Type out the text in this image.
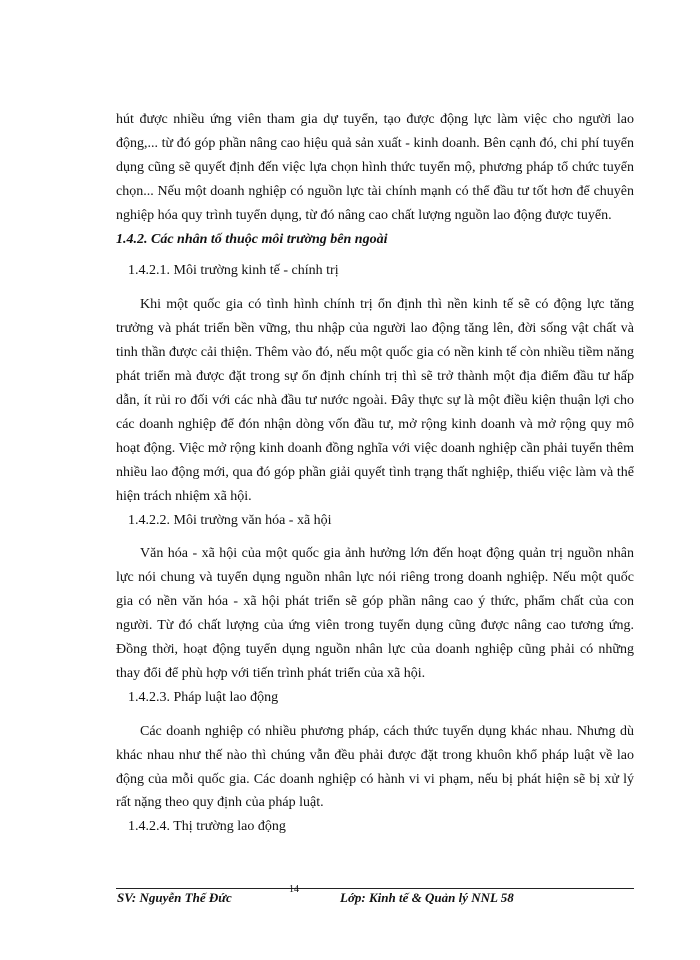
hút được nhiều ứng viên tham gia dự tuyển, tạo được động lực làm việc cho người lao động,... từ đó góp phần nâng cao hiệu quả sản xuất - kinh doanh. Bên cạnh đó, chi phí tuyển dụng cũng sẽ quyết định đến việc lựa chọn hình thức tuyển mộ, phương pháp tổ chức tuyển chọn... Nếu một doanh nghiệp có nguồn lực tài chính mạnh có thể đầu tư tốt hơn để chuyên nghiệp hóa quy trình tuyển dụng, từ đó nâng cao chất lượng nguồn lao động được tuyển.

1.4.2. Các nhân tố thuộc môi trường bên ngoài

1.4.2.1. Môi trường kinh tế - chính trị

Khi một quốc gia có tình hình chính trị ổn định thì nền kinh tế sẽ có động lực tăng trưởng và phát triển bền vững, thu nhập của người lao động tăng lên, đời sống vật chất và tinh thần được cải thiện. Thêm vào đó, nếu một quốc gia có nền kinh tế còn nhiều tiềm năng phát triển mà được đặt trong sự ổn định chính trị thì sẽ trở thành một địa điểm đầu tư hấp dẫn, ít rủi ro đối với các nhà đầu tư nước ngoài. Đây thực sự là một điều kiện thuận lợi cho các doanh nghiệp để đón nhận dòng vốn đầu tư, mở rộng kinh doanh và mở rộng quy mô hoạt động. Việc mở rộng kinh doanh đồng nghĩa với việc doanh nghiệp cần phải tuyển thêm nhiều lao động mới, qua đó góp phần giải quyết tình trạng thất nghiệp, thiếu việc làm và thể hiện trách nhiệm xã hội.

1.4.2.2. Môi trường văn hóa - xã hội

Văn hóa - xã hội của một quốc gia ảnh hưởng lớn đến hoạt động quản trị nguồn nhân lực nói chung và tuyển dụng nguồn nhân lực nói riêng trong doanh nghiệp. Nếu một quốc gia có nền văn hóa - xã hội phát triển sẽ góp phần nâng cao ý thức, phẩm chất của con người. Từ đó chất lượng của ứng viên trong tuyển dụng cũng được nâng cao tương ứng. Đồng thời, hoạt động tuyển dụng nguồn nhân lực của doanh nghiệp cũng phải có những thay đổi để phù hợp với tiến trình phát triển của xã hội.

1.4.2.3. Pháp luật lao động

Các doanh nghiệp có nhiều phương pháp, cách thức tuyển dụng khác nhau. Nhưng dù khác nhau như thế nào thì chúng vẫn đều phải được đặt trong khuôn khổ pháp luật về lao động của mỗi quốc gia. Các doanh nghiệp có hành vi vi phạm, nếu bị phát hiện sẽ bị xử lý rất nặng theo quy định của pháp luật.

1.4.2.4. Thị trường lao động

14
SV: Nguyễn Thế Đức	Lớp: Kinh tế & Quản lý NNL 58
